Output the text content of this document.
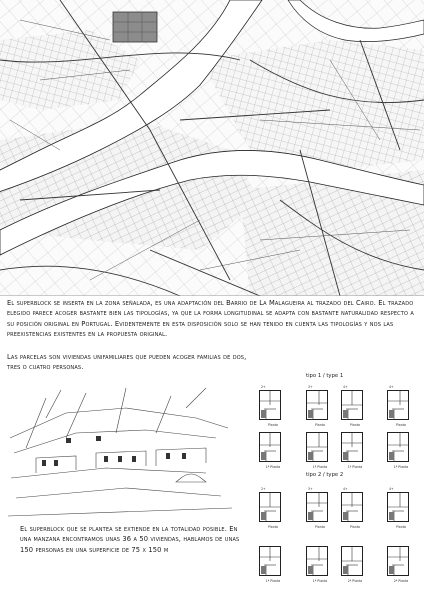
El superblock se inserta en la zona señalada, es una adaptación del Barrio de La Malagueira al trazado del Cairo. El trazado elegido parece acoger bastante bien las tipologías, ya que la forma longitudinal se adapta con bastante naturalidad respecto a su posición original en Portugal. Evidentemente en esta disposición solo se han tenido en cuenta las tipologías y nos las preexistencias existentes en la propuesta original.

Las parcelas son viviendas unifamiliares que pueden acoger familias de dos, tres o cuatro personas.

El superblock que se plantea se extiende en la totalidad posible. En una manzana encontramos unas 36 a 50 viviendas, hablamos de unas 150 personas en una superficie de 75 x 150 m

tipo 1 / type 1
tipo 2 / type 2
2+
Planta
3+
Planta
4+
Planta
4+
Planta
1ª Planta	1ª Planta	1ª Planta	1ª Planta
2+
Planta
3+
Planta
4+
Planta
4+
Planta
1ª Planta	1ª Planta	2ª Planta	2ª Planta
